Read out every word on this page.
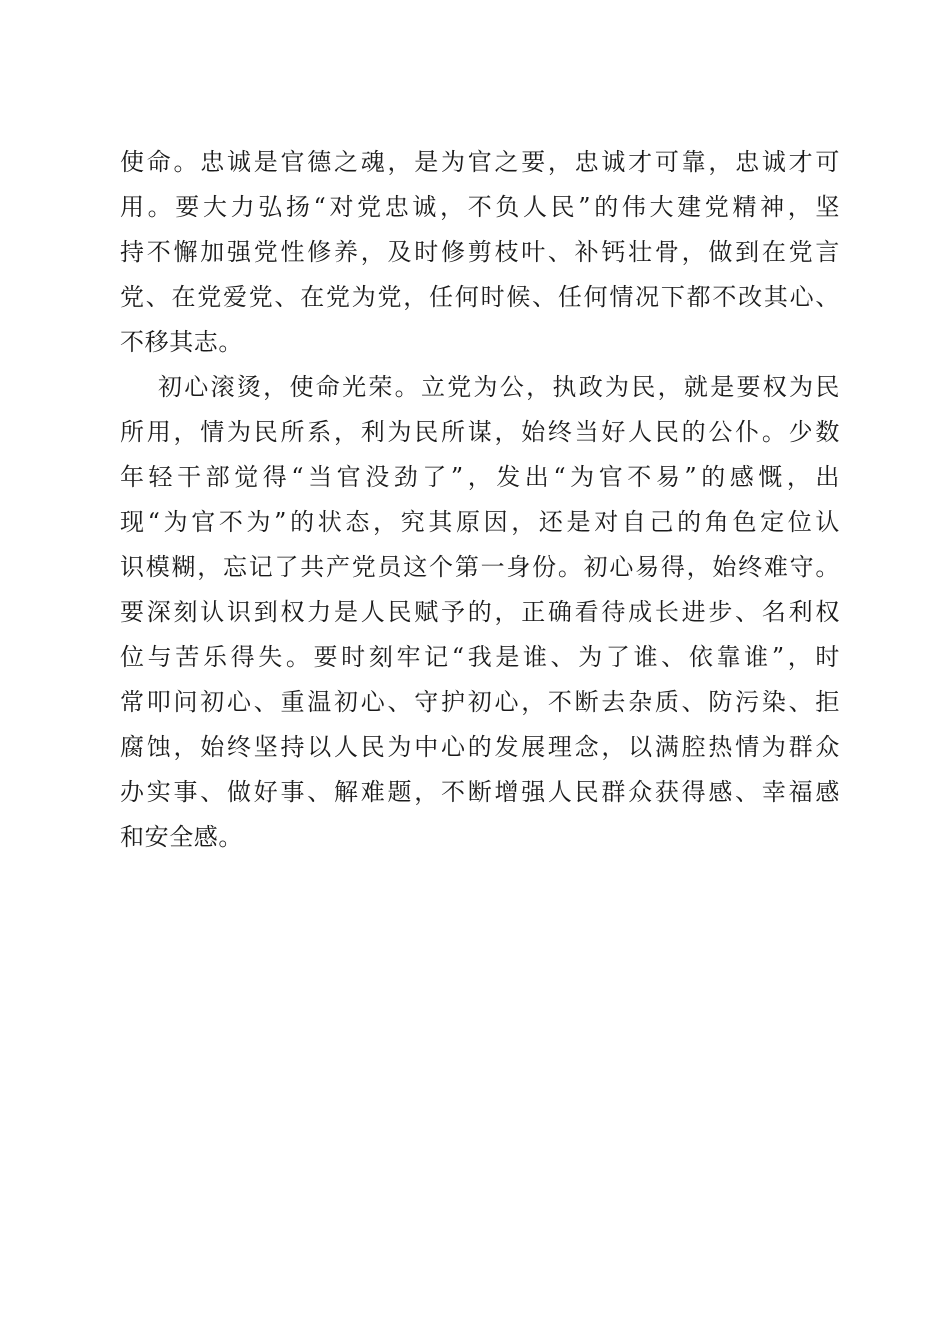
使命。忠诚是官德之魂，是为官之要，忠诚才可靠，忠诚才可
用。要大力弘扬“对党忠诚，不负人民”的伟大建党精神，坚
持不懈加强党性修养，及时修剪枝叶、补钙壮骨，做到在党言
党、在党爱党、在党为党，任何时候、任何情况下都不改其心、
不移其志。
初心滚烫，使命光荣。立党为公，执政为民，就是要权为民
所用，情为民所系，利为民所谋，始终当好人民的公仆。少数
年轻干部觉得“当官没劲了”，发出“为官不易”的感慨，出
现“为官不为”的状态，究其原因，还是对自己的角色定位认
识模糊，忘记了共产党员这个第一身份。初心易得，始终难守。
要深刻认识到权力是人民赋予的，正确看待成长进步、名利权
位与苦乐得失。要时刻牢记“我是谁、为了谁、依靠谁”，时
常叩问初心、重温初心、守护初心，不断去杂质、防污染、拒
腐蚀，始终坚持以人民为中心的发展理念，以满腔热情为群众
办实事、做好事、解难题，不断增强人民群众获得感、幸福感
和安全感。
